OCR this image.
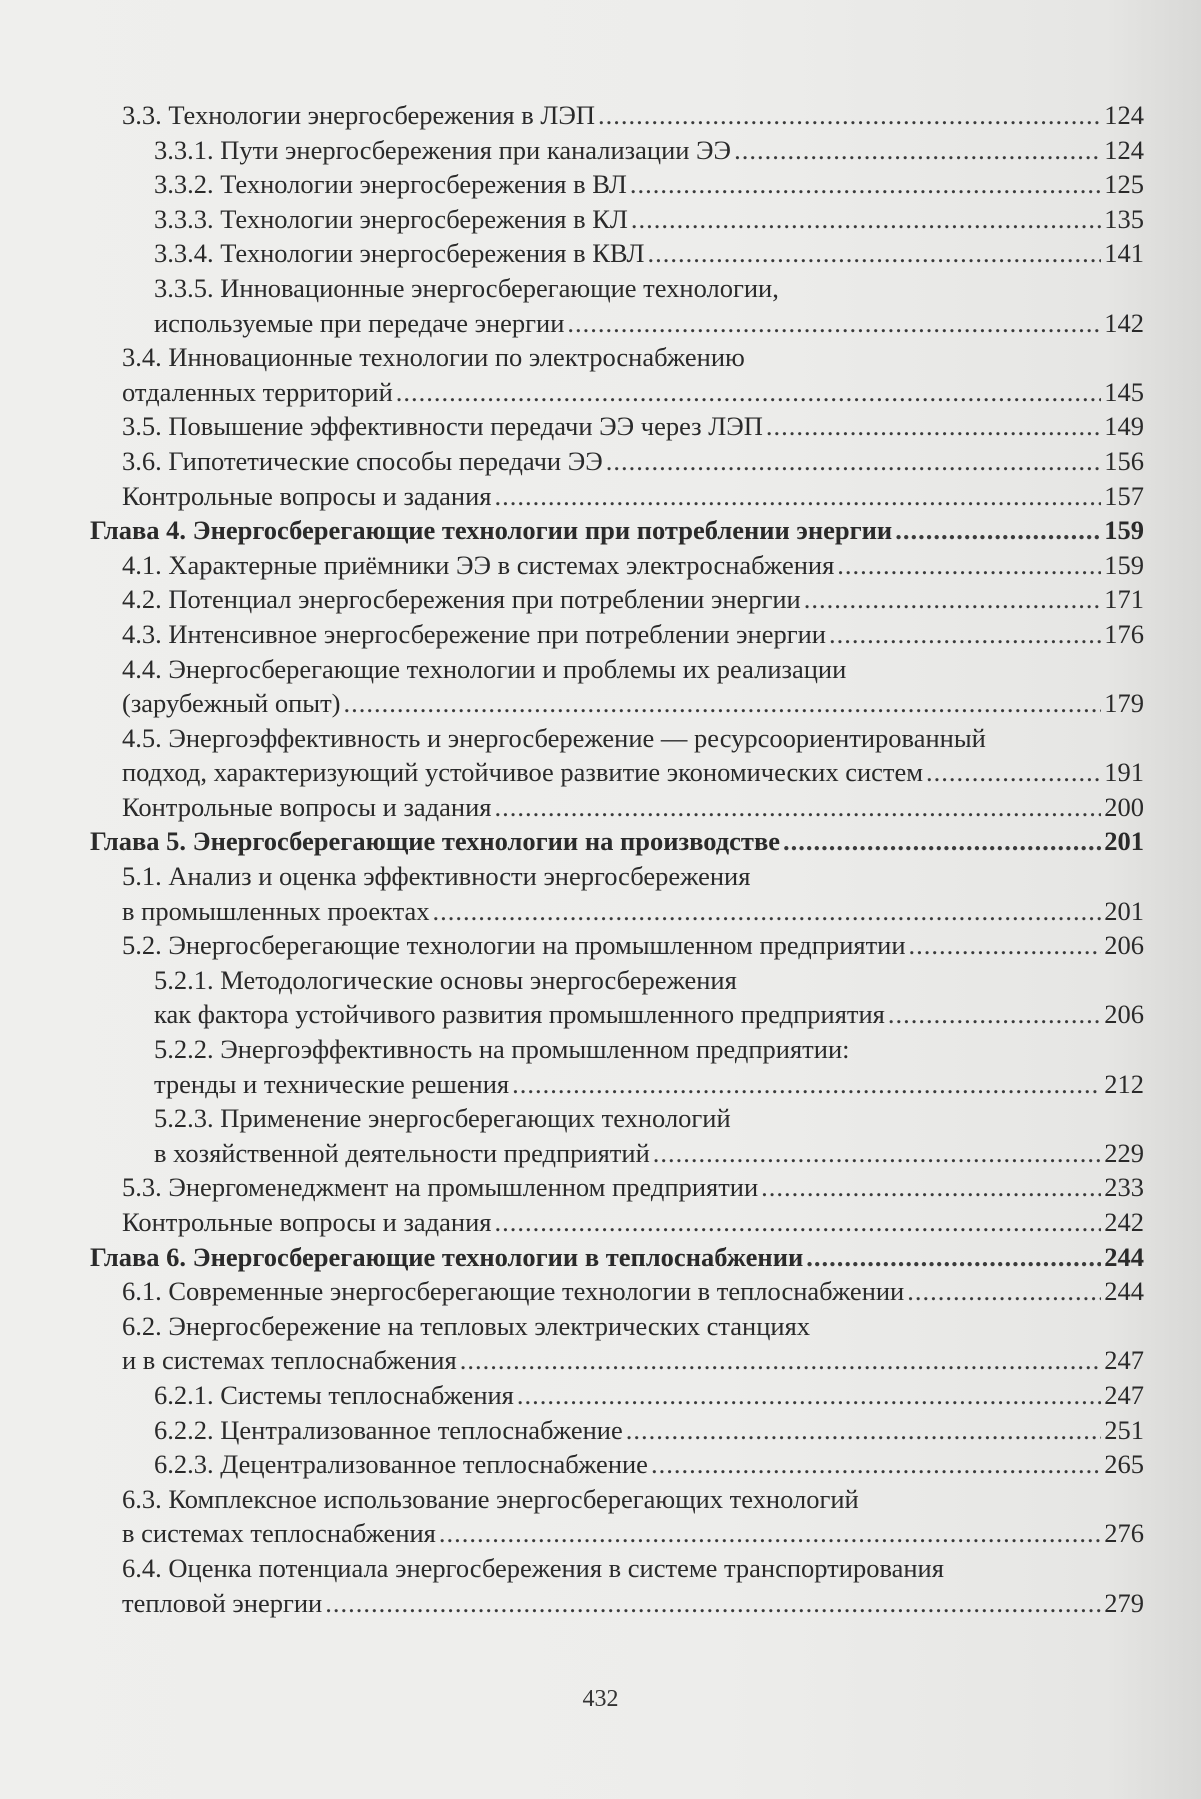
3.3. Технологии энергосбережения в ЛЭП .....	124
3.3.1. Пути энергосбережения при канализации ЭЭ .....	124
3.3.2. Технологии энергосбережения в ВЛ .....	125
3.3.3. Технологии энергосбережения в КЛ .....	135
3.3.4. Технологии энергосбережения в КВЛ .....	141
3.3.5. Инновационные энергосберегающие технологии,
используемые при передаче энергии .....	142
3.4. Инновационные технологии по электроснабжению
отдаленных территорий .....	145
3.5. Повышение эффективности передачи ЭЭ через ЛЭП .....	149
3.6. Гипотетические способы передачи ЭЭ .....	156
Контрольные вопросы и задания .....	157
Глава 4. Энергосберегающие технологии при потреблении энергии .....	159
4.1. Характерные приёмники ЭЭ в системах электроснабжения .....	159
4.2. Потенциал энергосбережения при потреблении энергии .....	171
4.3. Интенсивное энергосбережение при потреблении энергии .....	176
4.4. Энергосберегающие технологии и проблемы их реализации
(зарубежный опыт) .....	179
4.5. Энергоэффективность и энергосбережение — ресурсоориентированный
подход, характеризующий устойчивое развитие экономических систем .....	191
Контрольные вопросы и задания .....	200
Глава 5. Энергосберегающие технологии на производстве .....	201
5.1. Анализ и оценка эффективности энергосбережения
в промышленных проектах .....	201
5.2. Энергосберегающие технологии на промышленном предприятии .....	206
5.2.1. Методологические основы энергосбережения
как фактора устойчивого развития промышленного предприятия .....	206
5.2.2. Энергоэффективность на промышленном предприятии:
тренды и технические решения .....	212
5.2.3. Применение энергосберегающих технологий
в хозяйственной деятельности предприятий .....	229
5.3. Энергоменеджмент на промышленном предприятии .....	233
Контрольные вопросы и задания .....	242
Глава 6. Энергосберегающие технологии в теплоснабжении .....	244
6.1. Современные энергосберегающие технологии в теплоснабжении .....	244
6.2. Энергосбережение на тепловых электрических станциях
и в системах теплоснабжения .....	247
6.2.1. Системы теплоснабжения .....	247
6.2.2. Централизованное теплоснабжение .....	251
6.2.3. Децентрализованное теплоснабжение .....	265
6.3. Комплексное использование энергосберегающих технологий
в системах теплоснабжения .....	276
6.4. Оценка потенциала энергосбережения в системе транспортирования
тепловой энергии .....	279
432
